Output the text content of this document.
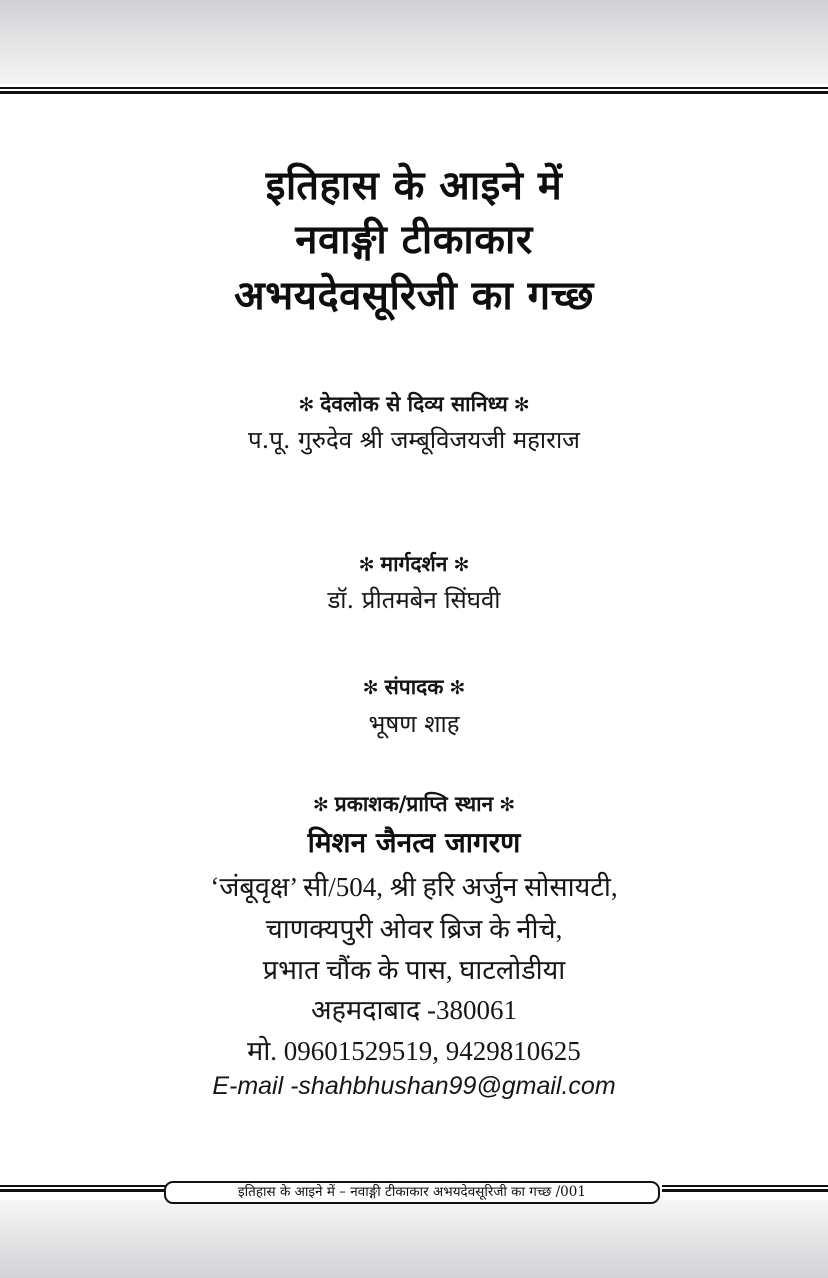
इतिहास के आइने में
नवाङ्गी टीकाकार
अभयदेवसूरिजी का गच्छ
✻ देवलोक से दिव्य सानिध्य ✻
प.पू. गुरुदेव श्री जम्बूविजयजी महाराज
✻ मार्गदर्शन ✻
डॉ. प्रीतमबेन सिंघवी
✻ संपादक ✻
भूषण शाह
✻ प्रकाशक/प्राप्ति स्थान ✻
मिशन जैनत्व जागरण
‘जंबूवृक्ष’ सी/504, श्री हरि अर्जुन सोसायटी,
चाणक्यपुरी ओवर ब्रिज के नीचे,
प्रभात चौंक के पास, घाटलोडीया
अहमदाबाद -380061
मो. 09601529519, 9429810625
E-mail -shahbhushan99@gmail.com
इतिहास के आइने में – नवाङ्गी टीकाकार अभयदेवसूरिजी का गच्छ /001
